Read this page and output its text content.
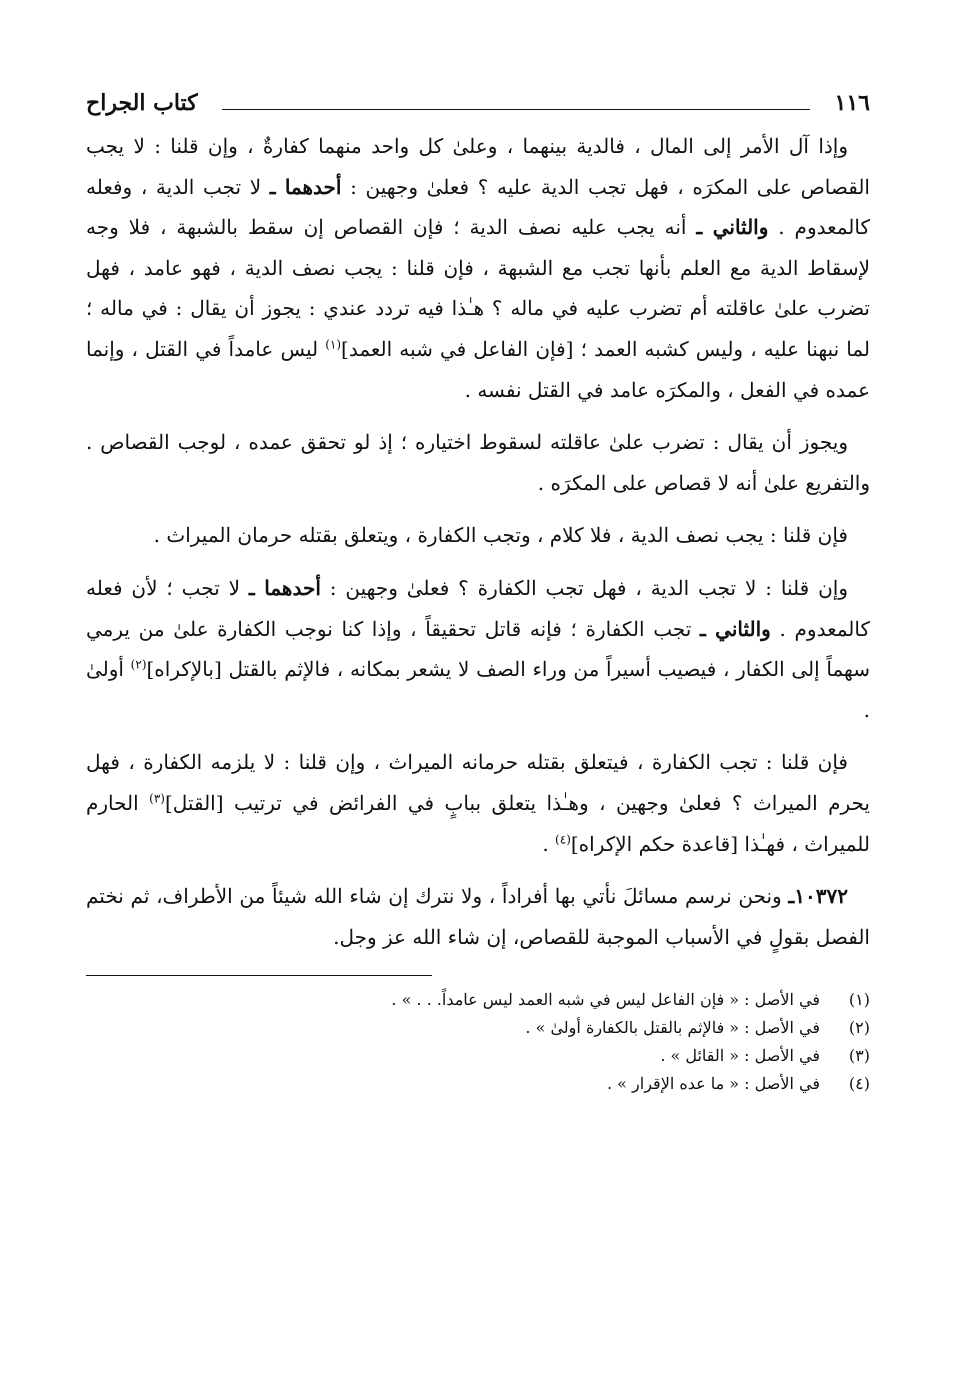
١١٦
كتاب الجراح

وإذا آل الأمر إلى المال ، فالدية بينهما ، وعلىٰ كل واحد منهما كفارةٌ ، وإن قلنا : لا يجب القصاص على المكرَه ، فهل تجب الدية عليه ؟ فعلىٰ وجهين : أحدهما ـ لا تجب الدية ، وفعله كالمعدوم . والثاني ـ أنه يجب عليه نصف الدية ؛ فإن القصاص إن سقط بالشبهة ، فلا وجه لإسقاط الدية مع العلم بأنها تجب مع الشبهة ، فإن قلنا : يجب نصف الدية ، فهو عامد ، فهل تضرب علىٰ عاقلته أم تضرب عليه في ماله ؟ هـٰذا فيه تردد عندي : يجوز أن يقال : في ماله ؛ لما نبهنا عليه ، وليس كشبه العمد ؛ [فإن الفاعل في شبه العمد]$^{(١)}$ ليس عامداً في القتل ، وإنما عمده في الفعل ، والمكرَه عامد في القتل نفسه .

ويجوز أن يقال : تضرب علىٰ عاقلته لسقوط اختياره ؛ إذ لو تحقق عمده ، لوجب القصاص . والتفريع علىٰ أنه لا قصاص على المكرَه .

فإن قلنا : يجب نصف الدية ، فلا كلام ، وتجب الكفارة ، ويتعلق بقتله حرمان الميراث .

وإن قلنا : لا تجب الدية ، فهل تجب الكفارة ؟ فعلىٰ وجهين : أحدهما ـ لا تجب ؛ لأن فعله كالمعدوم . والثاني ـ تجب الكفارة ؛ فإنه قاتل تحقيقاً ، وإذا كنا نوجب الكفارة علىٰ من يرمي سهماً إلى الكفار ، فيصيب أسيراً من وراء الصف لا يشعر بمكانه ، فالإثم بالقتل [بالإكراه]$^{(٢)}$ أولىٰ .

فإن قلنا : تجب الكفارة ، فيتعلق بقتله حرمانه الميراث ، وإن قلنا : لا يلزمه الكفارة ، فهل يحرم الميراث ؟ فعلىٰ وجهين ، وهـٰذا يتعلق ببابٍ في الفرائض في ترتيب [القتل]$^{(٣)}$ الحارم للميراث ، فهـٰذا [قاعدة حكم الإكراه]$^{(٤)}$ .

١٠٣٧٢ـ ونحن نرسم مسائلَ نأتي بها أفراداً ، ولا نترك إن شاء الله شيئاً من الأطراف، ثم نختم الفصل بقولٍ في الأسباب الموجبة للقصاص، إن شاء الله عز وجل.

(١)
في الأصل : « فإن الفاعل ليس في شبه العمد ليس عامداً. . . » .
(٢)
في الأصل : « فالإثم بالقتل بالكفارة أولىٰ » .
(٣)
في الأصل : « القائل » .
(٤)
في الأصل : « ما عده الإقرار » .
